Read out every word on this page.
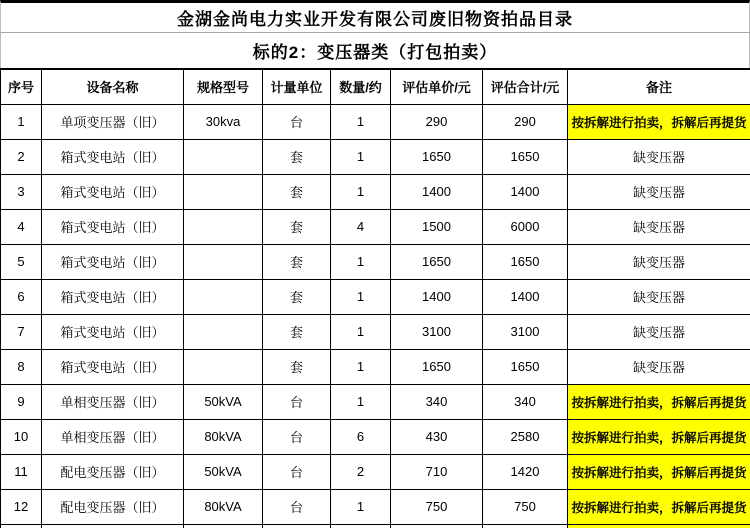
金湖金尚电力实业开发有限公司废旧物资拍品目录
标的2：变压器类（打包拍卖）
序号	设备名称	规格型号	计量单位	数量/约	评估单价/元	评估合计/元	备注
1	单项变压器（旧）	30kva	台	1	290	290	按拆解进行拍卖，拆解后再提货
2	箱式变电站（旧）		套	1	1650	1650	缺变压器
3	箱式变电站（旧）		套	1	1400	1400	缺变压器
4	箱式变电站（旧）		套	4	1500	6000	缺变压器
5	箱式变电站（旧）		套	1	1650	1650	缺变压器
6	箱式变电站（旧）		套	1	1400	1400	缺变压器
7	箱式变电站（旧）		套	1	3100	3100	缺变压器
8	箱式变电站（旧）		套	1	1650	1650	缺变压器
9	单相变压器（旧）	50kVA	台	1	340	340	按拆解进行拍卖，拆解后再提货
10	单相变压器（旧）	80kVA	台	6	430	2580	按拆解进行拍卖，拆解后再提货
11	配电变压器（旧）	50kVA	台	2	710	1420	按拆解进行拍卖，拆解后再提货
12	配电变压器（旧）	80kVA	台	1	750	750	按拆解进行拍卖，拆解后再提货
